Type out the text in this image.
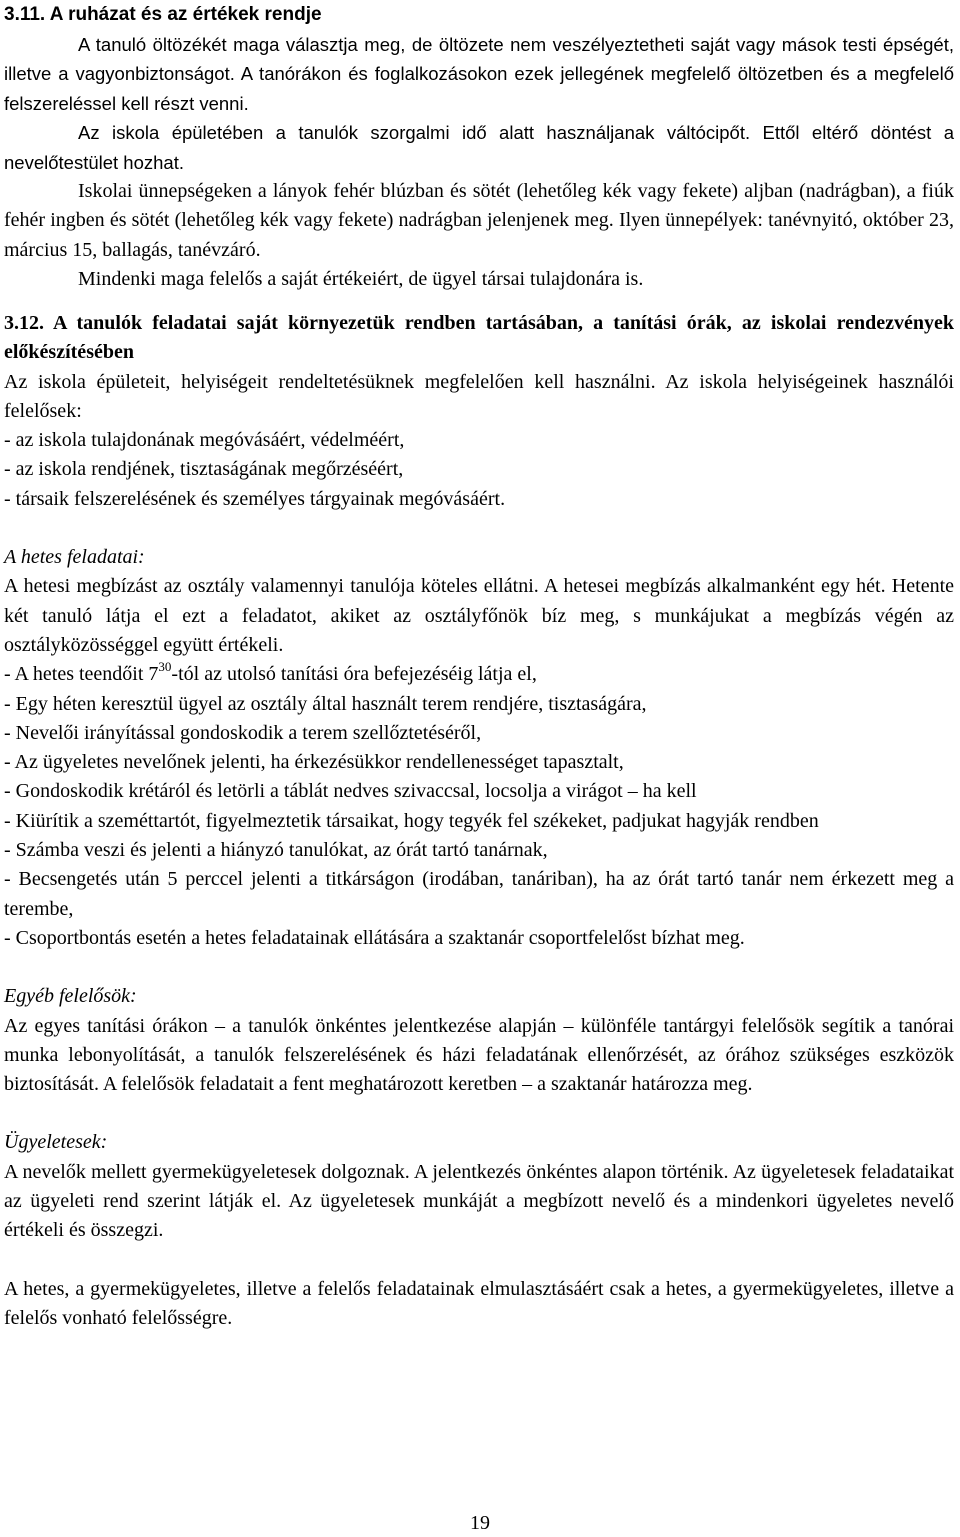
3.11. A ruházat és az értékek rendje

A tanuló öltözékét maga választja meg, de öltözete nem veszélyeztetheti saját vagy mások testi épségét, illetve a vagyonbiztonságot. A tanórákon és foglalkozásokon ezek jellegének megfelelő öltözetben és a megfelelő felszereléssel kell részt venni.

Az iskola épületében a tanulók szorgalmi idő alatt használjanak váltócipőt. Ettől eltérő döntést a nevelőtestület hozhat.

Iskolai ünnepségeken a lányok fehér blúzban és sötét (lehetőleg kék vagy fekete) aljban (nadrágban), a fiúk fehér ingben és sötét (lehetőleg kék vagy fekete) nadrágban jelenjenek meg. Ilyen ünnepélyek: tanévnyitó, október 23, március 15, ballagás, tanévzáró.

Mindenki maga felelős a saját értékeiért, de ügyel társai tulajdonára is.

3.12. A tanulók feladatai saját környezetük rendben tartásában, a tanítási órák, az iskolai rendezvények előkészítésében

Az iskola épületeit, helyiségeit rendeltetésüknek megfelelően kell használni. Az iskola helyiségeinek használói felelősek:

- az iskola tulajdonának megóvásáért, védelméért,

- az iskola rendjének, tisztaságának megőrzéséért,

- társaik felszerelésének és személyes tárgyainak megóvásáért.

A hetes feladatai:

A hetesi megbízást az osztály valamennyi tanulója köteles ellátni. A hetesei megbízás alkalmanként egy hét. Hetente két tanuló látja el ezt a feladatot, akiket az osztályfőnök bíz meg, s munkájukat a megbízás végén az osztályközösséggel együtt értékeli.

- A hetes teendőit $7^{30}$-tól az utolsó tanítási óra befejezéséig látja el,

- Egy héten keresztül ügyel az osztály által használt terem rendjére, tisztaságára,

- Nevelői irányítással gondoskodik a terem szellőztetéséről,

- Az ügyeletes nevelőnek jelenti, ha érkezésükkor rendellenességet tapasztalt,

- Gondoskodik krétáról és letörli a táblát nedves szivaccsal, locsolja a virágot – ha kell

- Kiürítik a szeméttartót, figyelmeztetik társaikat, hogy tegyék fel székeket, padjukat hagyják rendben

- Számba veszi és jelenti a hiányzó tanulókat, az órát tartó tanárnak,

- Becsengetés után 5 perccel jelenti a titkárságon (irodában, tanáriban), ha az órát tartó tanár nem érkezett meg a terembe,

- Csoportbontás esetén a hetes feladatainak ellátására a szaktanár csoportfelelőst bízhat meg.

Egyéb felelősök:

Az egyes tanítási órákon – a tanulók önkéntes jelentkezése alapján – különféle tantárgyi felelősök segítik a tanórai munka lebonyolítását, a tanulók felszerelésének és házi feladatának ellenőrzését, az órához szükséges eszközök biztosítását. A felelősök feladatait a fent meghatározott keretben – a szaktanár határozza meg.

Ügyeletesek:

A nevelők mellett gyermekügyeletesek dolgoznak. A jelentkezés önkéntes alapon történik. Az ügyeletesek feladataikat az ügyeleti rend szerint látják el. Az ügyeletesek munkáját a megbízott nevelő és a mindenkori ügyeletes nevelő értékeli és összegzi.

A hetes, a gyermekügyeletes, illetve a felelős feladatainak elmulasztásáért csak a hetes, a gyermekügyeletes, illetve a felelős vonható felelősségre.

19
